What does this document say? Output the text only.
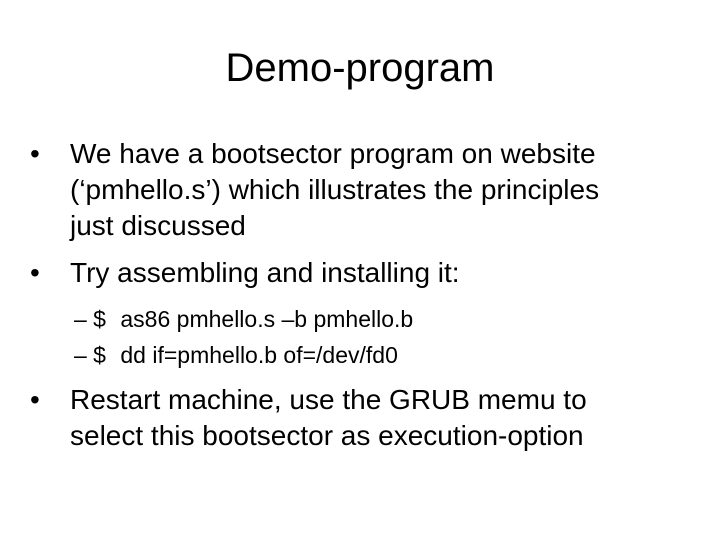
Demo-program
•	We have a bootsector program on website
(‘pmhello.s’) which illustrates the principles
just discussed
•	Try assembling and installing it:
– $ as86 pmhello.s –b pmhello.b
– $ dd if=pmhello.b of=/dev/fd0
•	Restart machine, use the GRUB memu to
select this bootsector as execution-option
